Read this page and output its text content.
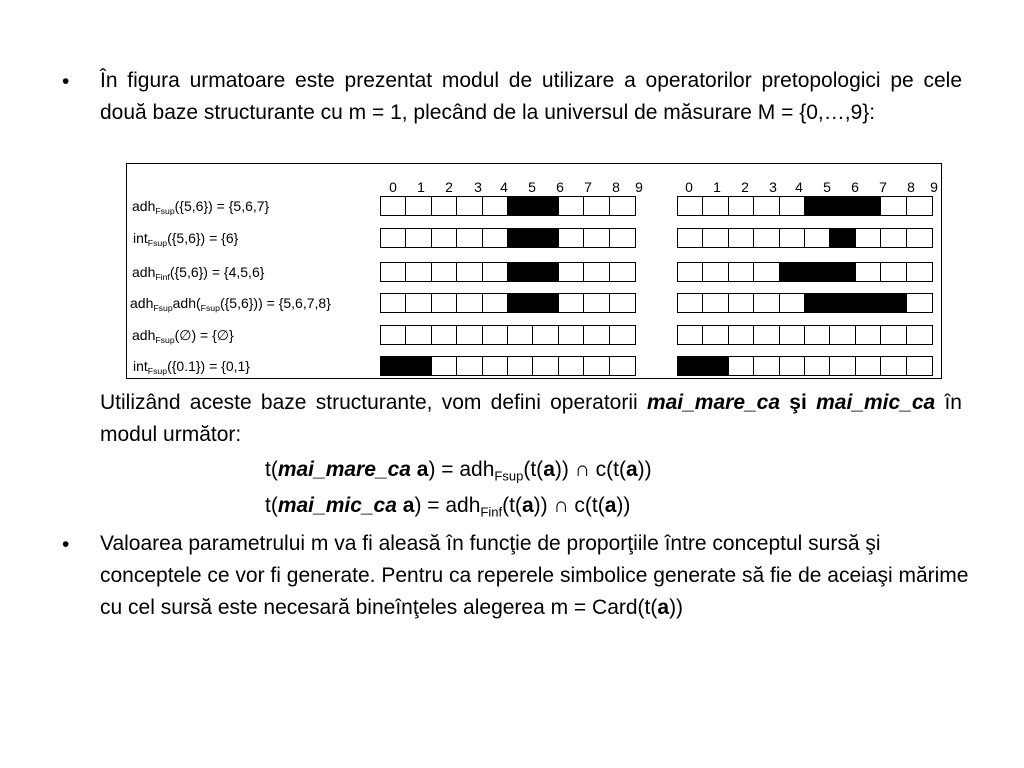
• În figura urmatoare este prezentat modul de utilizare a operatorilor pretopologici pe cele două baze structurante cu m = 1, plecând de la universul de măsurare M = {0,…,9}:
0	0
1	1
2	2
3	3
4	4
5	5
6	6
7	7
8	8
9	9
adh$_{Fsup}$({5,6}) = {5,6,7}
int$_{Fsup}$({5,6}) = {6}
adh$_{Finf}$({5,6}) = {4,5,6}
$adh_{Fsup}adh(_{Fsup}(\{5,6\})) = \{5,6,7,8\}$
adh$_{Fsup}$(∅) = {∅}
int$_{Fsup}$({0.1}) = {0,1}
Utilizând aceste baze structurante, vom defini operatorii mai_mare_ca şi mai_mic_ca în modul următor:
t(mai_mare_ca a) = adh$_{Fsup}$(t(a)) ∩ c(t(a))
t(mai_mic_ca a) = adh$_{Finf}$(t(a)) ∩ c(t(a))
• Valoarea parametrului m va fi aleasă în funcţie de proporţiile între conceptul sursă şi conceptele ce vor fi generate. Pentru ca reperele simbolice generate să fie de aceiaşi mărime cu cel sursă este necesară bineînţeles alegerea m = Card(t(a))
